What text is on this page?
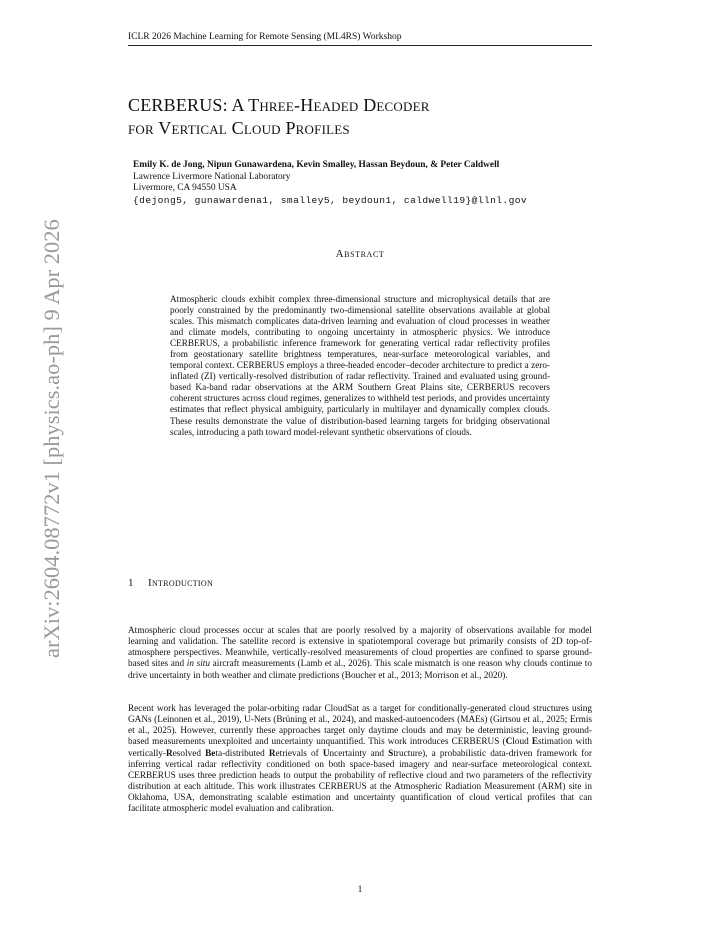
ICLR 2026 Machine Learning for Remote Sensing (ML4RS) Workshop
arXiv:2604.08772v1 [physics.ao-ph] 9 Apr 2026
CERBERUS: A Three-Headed Decoder
for Vertical Cloud Profiles
Emily K. de Jong, Nipun Gunawardena, Kevin Smalley, Hassan Beydoun, & Peter Caldwell
Lawrence Livermore National Laboratory
Livermore, CA 94550 USA
{dejong5, gunawardena1, smalley5, beydoun1, caldwell19}@llnl.gov
Abstract
Atmospheric clouds exhibit complex three-dimensional structure and microphysical details that are poorly constrained by the predominantly two-dimensional satellite observations available at global scales. This mismatch complicates data-driven learning and evaluation of cloud processes in weather and climate models, contributing to ongoing uncertainty in atmospheric physics. We introduce CERBERUS, a probabilistic inference framework for generating vertical radar reflectivity profiles from geostationary satellite brightness temperatures, near-surface meteorological variables, and temporal context. CERBERUS employs a three-headed encoder–decoder architecture to predict a zero-inflated (ZI) vertically-resolved distribution of radar reflectivity. Trained and evaluated using ground-based Ka-band radar observations at the ARM Southern Great Plains site, CERBERUS recovers coherent structures across cloud regimes, generalizes to withheld test periods, and provides uncertainty estimates that reflect physical ambiguity, particularly in multilayer and dynamically complex clouds. These results demonstrate the value of distribution-based learning targets for bridging observational scales, introducing a path toward model-relevant synthetic observations of clouds.
1 Introduction
Atmospheric cloud processes occur at scales that are poorly resolved by a majority of observations available for model learning and validation. The satellite record is extensive in spatiotemporal coverage but primarily consists of 2D top-of-atmosphere perspectives. Meanwhile, vertically-resolved measurements of cloud properties are confined to sparse ground-based sites and in situ aircraft measurements (Lamb et al., 2026). This scale mismatch is one reason why clouds continue to drive uncertainty in both weather and climate predictions (Boucher et al., 2013; Morrison et al., 2020).
Recent work has leveraged the polar-orbiting radar CloudSat as a target for conditionally-generated cloud structures using GANs (Leinonen et al., 2019), U-Nets (Brüning et al., 2024), and masked-autoencoders (MAEs) (Girtsou et al., 2025; Ermis et al., 2025). However, currently these approaches target only daytime clouds and may be deterministic, leaving ground-based measurements unexploited and uncertainty unquantified. This work introduces CERBERUS (Cloud Estimation with vertically-Resolved Beta-distributed Retrievals of Uncertainty and Structure), a probabilistic data-driven framework for inferring vertical radar reflectivity conditioned on both space-based imagery and near-surface meteorological context. CERBERUS uses three prediction heads to output the probability of reflective cloud and two parameters of the reflectivity distribution at each altitude. This work illustrates CERBERUS at the Atmospheric Radiation Measurement (ARM) site in Oklahoma, USA, demonstrating scalable estimation and uncertainty quantification of cloud vertical profiles that can facilitate atmospheric model evaluation and calibration.
1
